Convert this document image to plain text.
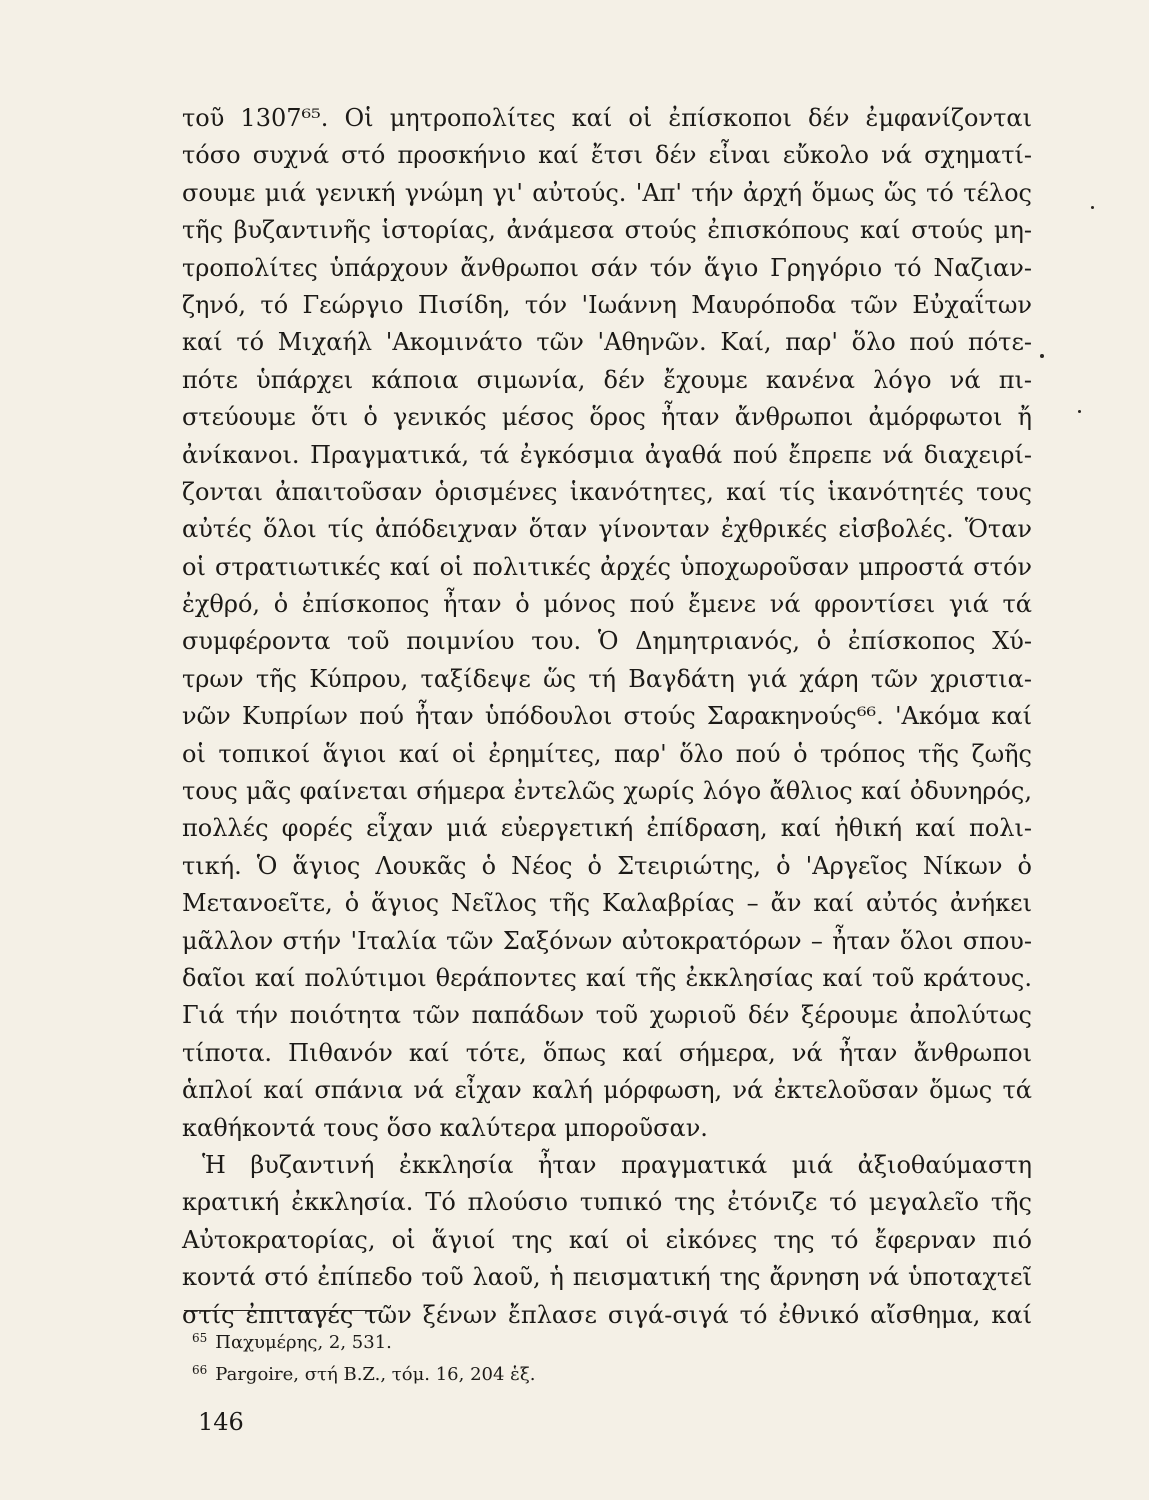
τοῦ 1307⁶⁵. Οἱ μητροπολίτες καί οἱ ἐπίσκοποι δέν ἐμφανίζονται
τόσο συχνά στό προσκήνιο καί ἔτσι δέν εἶναι εὔκολο νά σχηματί-
σουμε μιά γενική γνώμη γι' αὐτούς. 'Απ' τήν ἀρχή ὅμως ὥς τό τέλος
τῆς βυζαντινῆς ἱστορίας, ἀνάμεσα στούς ἐπισκόπους καί στούς μη-
τροπολίτες ὑπάρχουν ἄνθρωποι σάν τόν ἅγιο Γρηγόριο τό Ναζιαν-
ζηνό, τό Γεώργιο Πισίδη, τόν 'Ιωάννη Μαυρόποδα τῶν Εὐχαΐτων
καί τό Μιχαήλ 'Ακομινάτο τῶν 'Αθηνῶν. Καί, παρ' ὅλο πού πότε-
πότε ὑπάρχει κάποια σιμωνία, δέν ἔχουμε κανένα λόγο νά πι-
στεύουμε ὅτι ὁ γενικός μέσος ὅρος ἦταν ἄνθρωποι ἀμόρφωτοι ἤ
ἀνίκανοι. Πραγματικά, τά ἐγκόσμια ἀγαθά πού ἔπρεπε νά διαχειρί-
ζονται ἀπαιτοῦσαν ὁρισμένες ἱκανότητες, καί τίς ἱκανότητές τους
αὐτές ὅλοι τίς ἀπόδειχναν ὅταν γίνονταν ἐχθρικές εἰσβολές. Ὅταν
οἱ στρατιωτικές καί οἱ πολιτικές ἀρχές ὑποχωροῦσαν μπροστά στόν
ἐχθρό, ὁ ἐπίσκοπος ἦταν ὁ μόνος πού ἔμενε νά φροντίσει γιά τά
συμφέροντα τοῦ ποιμνίου του. Ὁ Δημητριανός, ὁ ἐπίσκοπος Χύ-
τρων τῆς Κύπρου, ταξίδεψε ὥς τή Βαγδάτη γιά χάρη τῶν χριστια-
νῶν Κυπρίων πού ἦταν ὑπόδουλοι στούς Σαρακηνούς⁶⁶. 'Ακόμα καί
οἱ τοπικοί ἅγιοι καί οἱ ἐρημίτες, παρ' ὅλο πού ὁ τρόπος τῆς ζωῆς
τους μᾶς φαίνεται σήμερα ἐντελῶς χωρίς λόγο ἄθλιος καί ὀδυνηρός,
πολλές φορές εἶχαν μιά εὐεργετική ἐπίδραση, καί ἠθική καί πολι-
τική. Ὁ ἅγιος Λουκᾶς ὁ Νέος ὁ Στειριώτης, ὁ 'Αργεῖος Νίκων ὁ
Μετανοεῖτε, ὁ ἅγιος Νεῖλος τῆς Καλαβρίας – ἄν καί αὐτός ἀνήκει
μᾶλλον στήν 'Ιταλία τῶν Σαξόνων αὐτοκρατόρων – ἦταν ὅλοι σπου-
δαῖοι καί πολύτιμοι θεράποντες καί τῆς ἐκκλησίας καί τοῦ κράτους.
Γιά τήν ποιότητα τῶν παπάδων τοῦ χωριοῦ δέν ξέρουμε ἀπολύτως
τίποτα. Πιθανόν καί τότε, ὅπως καί σήμερα, νά ἦταν ἄνθρωποι
ἁπλοί καί σπάνια νά εἶχαν καλή μόρφωση, νά ἐκτελοῦσαν ὅμως τά
καθήκοντά τους ὅσο καλύτερα μποροῦσαν.
Ἡ βυζαντινή ἐκκλησία ἦταν πραγματικά μιά ἀξιοθαύμαστη
κρατική ἐκκλησία. Τό πλούσιο τυπικό της ἐτόνιζε τό μεγαλεῖο τῆς
Αὐτοκρατορίας, οἱ ἅγιοί της καί οἱ εἰκόνες της τό ἔφερναν πιό
κοντά στό ἐπίπεδο τοῦ λαοῦ, ἡ πεισματική της ἄρνηση νά ὑποταχτεῖ
στίς ἐπιταγές τῶν ξένων ἔπλασε σιγά-σιγά τό ἐθνικό αἴσθημα, καί
$^{65}$ Παχυμέρης, 2, 531.
$^{66}$ Pargoire, στή B.Z., τόμ. 16, 204 ἑξ.
146
